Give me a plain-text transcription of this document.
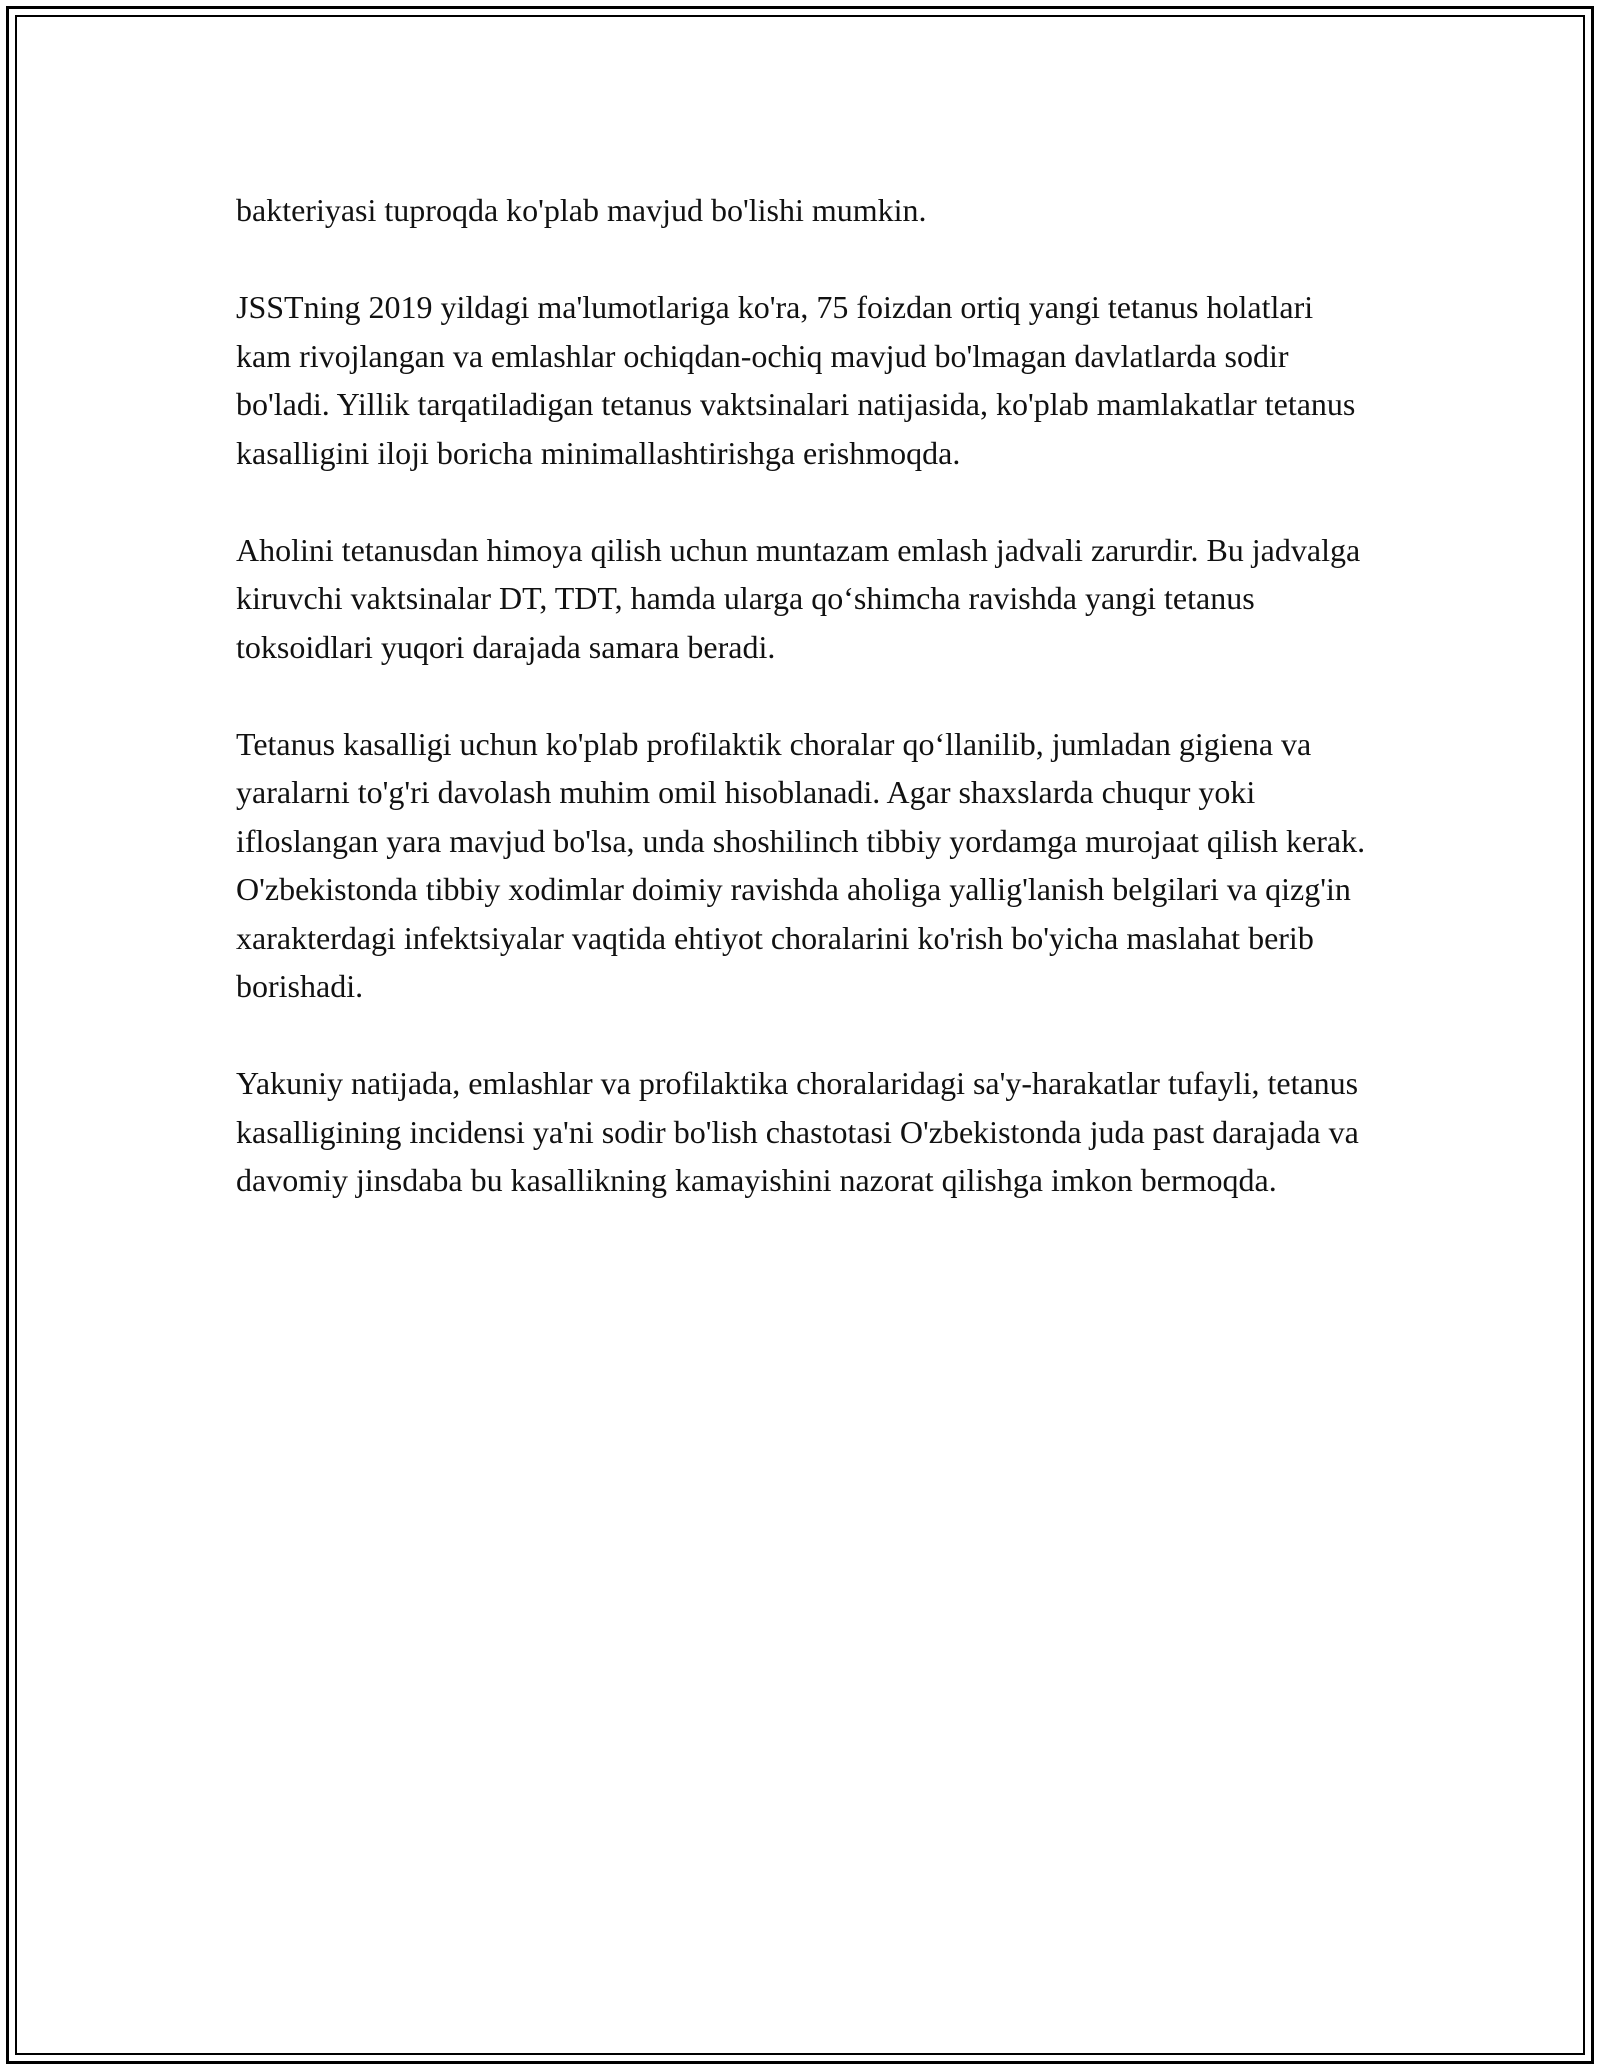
bakteriyasi tuproqda ko'plab mavjud bo'lishi mumkin.

JSSTning 2019 yildagi ma'lumotlariga ko'ra, 75 foizdan ortiq yangi tetanus holatlari kam rivojlangan va emlashlar ochiqdan-ochiq mavjud bo'lmagan davlatlarda sodir bo'ladi. Yillik tarqatiladigan tetanus vaktsinalari natijasida, ko'plab mamlakatlar tetanus kasalligini iloji boricha minimallashtirishga erishmoqda.

Aholini tetanusdan himoya qilish uchun muntazam emlash jadvali zarurdir. Bu jadvalga kiruvchi vaktsinalar DT, TDT, hamda ularga qo‘shimcha ravishda yangi tetanus toksoidlari yuqori darajada samara beradi.

Tetanus kasalligi uchun ko'plab profilaktik choralar qo‘llanilib, jumladan gigiena va yaralarni to'g'ri davolash muhim omil hisoblanadi. Agar shaxslarda chuqur yoki ifloslangan yara mavjud bo'lsa, unda shoshilinch tibbiy yordamga murojaat qilish kerak. O'zbekistonda tibbiy xodimlar doimiy ravishda aholiga yallig'lanish belgilari va qizg'in xarakterdagi infektsiyalar vaqtida ehtiyot choralarini ko'rish bo'yicha maslahat berib borishadi.

Yakuniy natijada, emlashlar va profilaktika choralaridagi sa'y-harakatlar tufayli, tetanus kasalligining incidensi ya'ni sodir bo'lish chastotasi O'zbekistonda juda past darajada va davomiy jinsdaba bu kasallikning kamayishini nazorat qilishga imkon bermoqda.
